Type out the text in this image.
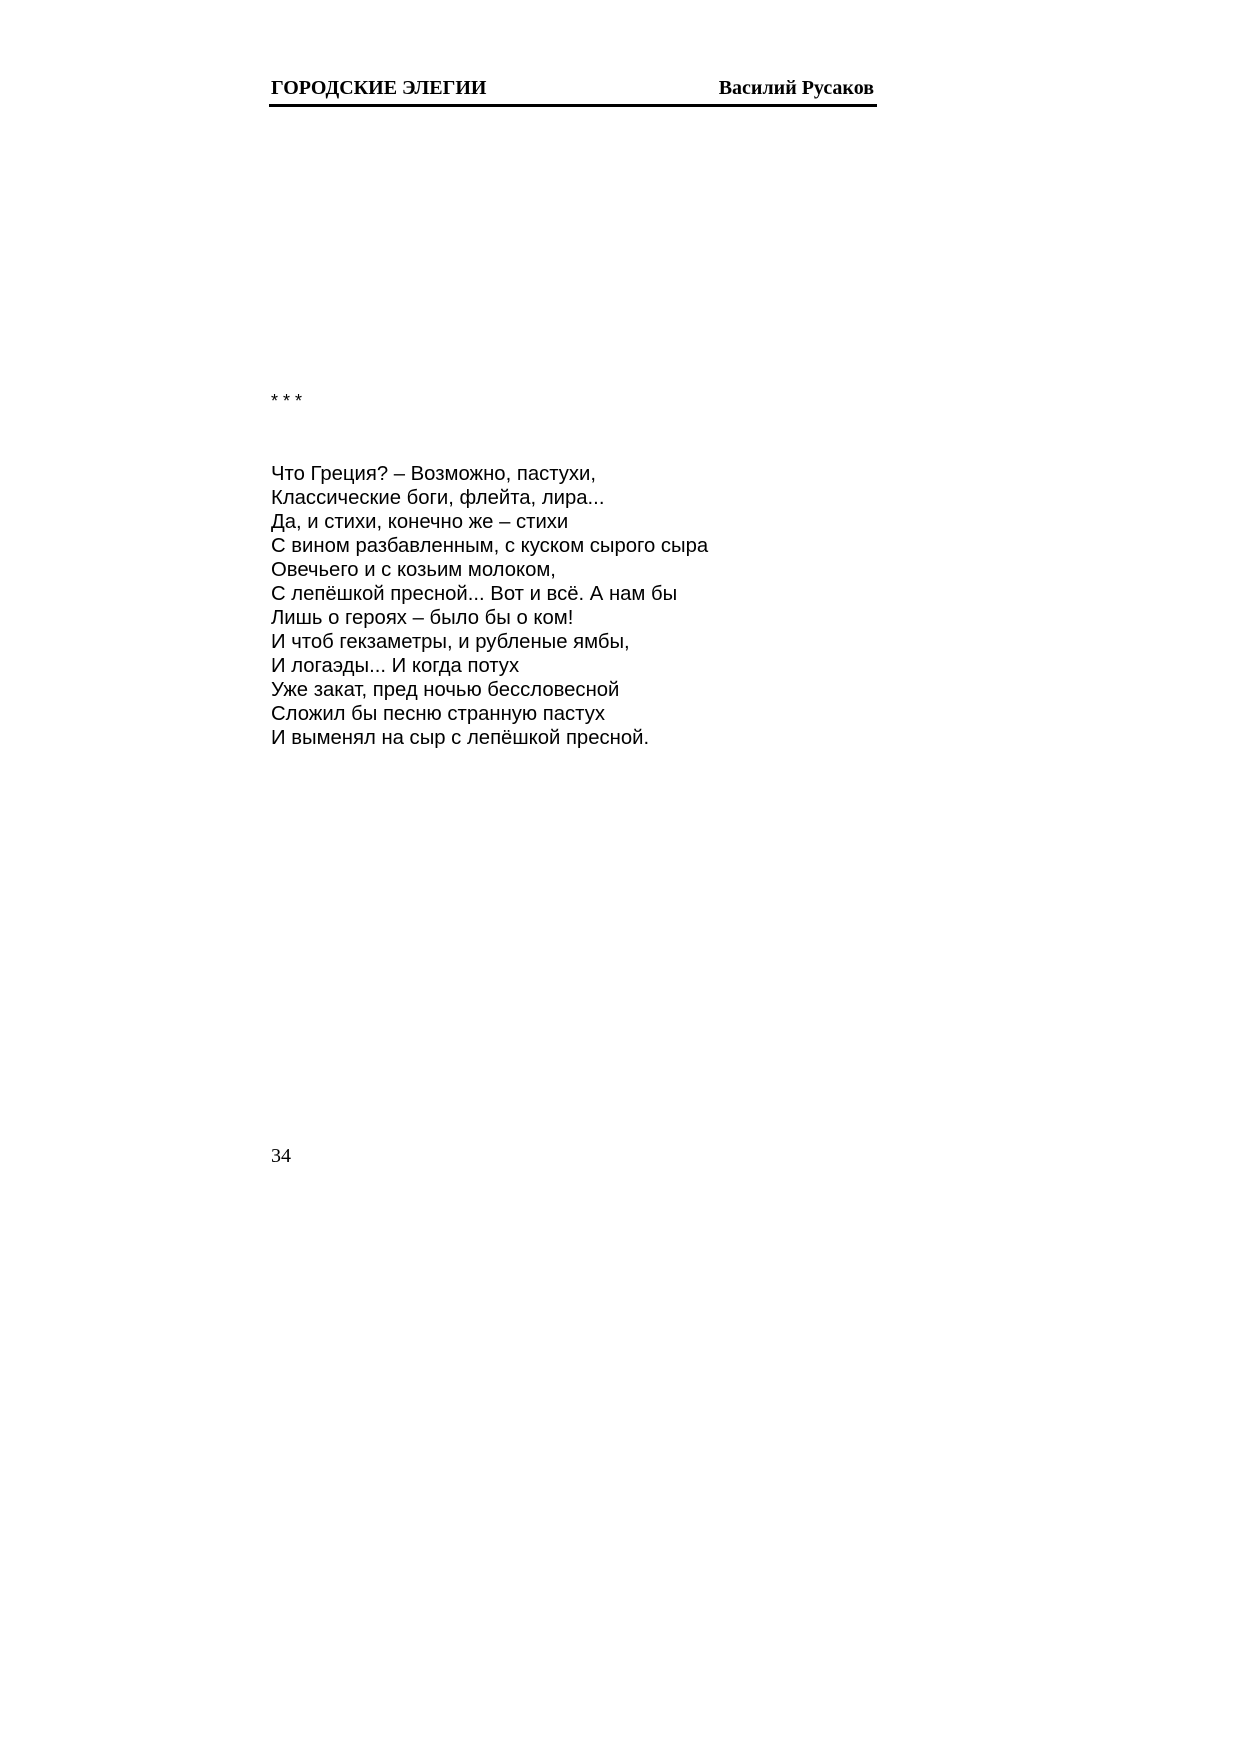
ГОРОДСКИЕ ЭЛЕГИИ	Василий Русаков
* * *
Что Греция? – Возможно, пастухи,
Классические боги, флейта, лира...
Да, и стихи, конечно же – стихи
С вином разбавленным, с куском сырого сыра
Овечьего и с козьим молоком,
С лепёшкой пресной... Вот и всё. А нам бы
Лишь о героях – было бы о ком!
И чтоб гекзаметры, и рубленые ямбы,
И логаэды... И когда потух
Уже закат, пред ночью бессловесной
Сложил бы песню странную пастух
И выменял на сыр с лепёшкой пресной.
34
